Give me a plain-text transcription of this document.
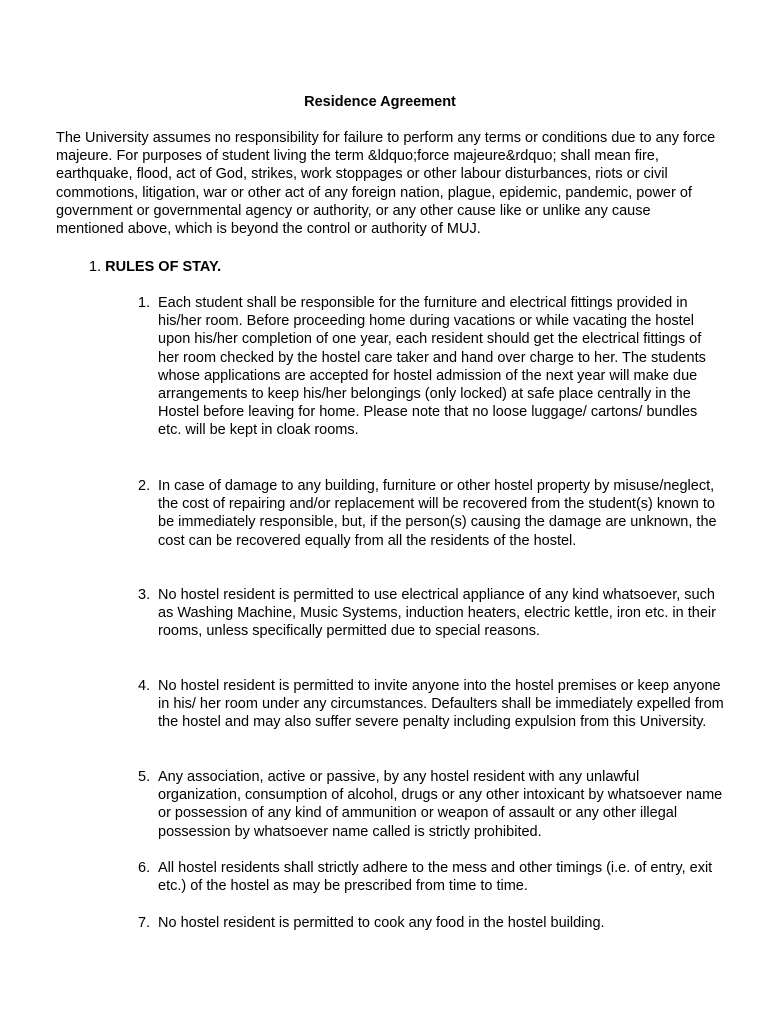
Residence Agreement

The University assumes no responsibility for failure to perform any terms or conditions due to any force majeure. For purposes of student living the term &ldquo;force majeure&rdquo; shall mean fire, earthquake, flood, act of God, strikes, work stoppages or other labour disturbances, riots or civil commotions, litigation, war or other act of any foreign nation, plague, epidemic, pandemic, power of government or governmental agency or authority, or any other cause like or unlike any cause mentioned above, which is beyond the control or authority of MUJ.

1. RULES OF STAY.
1. Each student shall be responsible for the furniture and electrical fittings provided in his/her room. Before proceeding home during vacations or while vacating the hostel upon his/her completion of one year, each resident should get the electrical fittings of her room checked by the hostel care taker and hand over charge to her. The students whose applications are accepted for hostel admission of the next year will make due arrangements to keep his/her belongings (only locked) at safe place centrally in the Hostel before leaving for home. Please note that no loose luggage/ cartons/ bundles etc. will be kept in cloak rooms.
2. In case of damage to any building, furniture or other hostel property by misuse/neglect, the cost of repairing and/or replacement will be recovered from the student(s) known to be immediately responsible, but, if the person(s) causing the damage are unknown, the cost can be recovered equally from all the residents of the hostel.
3. No hostel resident is permitted to use electrical appliance of any kind whatsoever, such as Washing Machine, Music Systems, induction heaters, electric kettle, iron etc. in their rooms, unless specifically permitted due to special reasons.
4. No hostel resident is permitted to invite anyone into the hostel premises or keep anyone in his/ her room under any circumstances. Defaulters shall be immediately expelled from the hostel and may also suffer severe penalty including expulsion from this University.
5. Any association, active or passive, by any hostel resident with any unlawful organization, consumption of alcohol, drugs or any other intoxicant by whatsoever name or possession of any kind of ammunition or weapon of assault or any other illegal possession by whatsoever name called is strictly prohibited.
6. All hostel residents shall strictly adhere to the mess and other timings (i.e. of entry, exit etc.) of the hostel as may be prescribed from time to time.
7. No hostel resident is permitted to cook any food in the hostel building.
